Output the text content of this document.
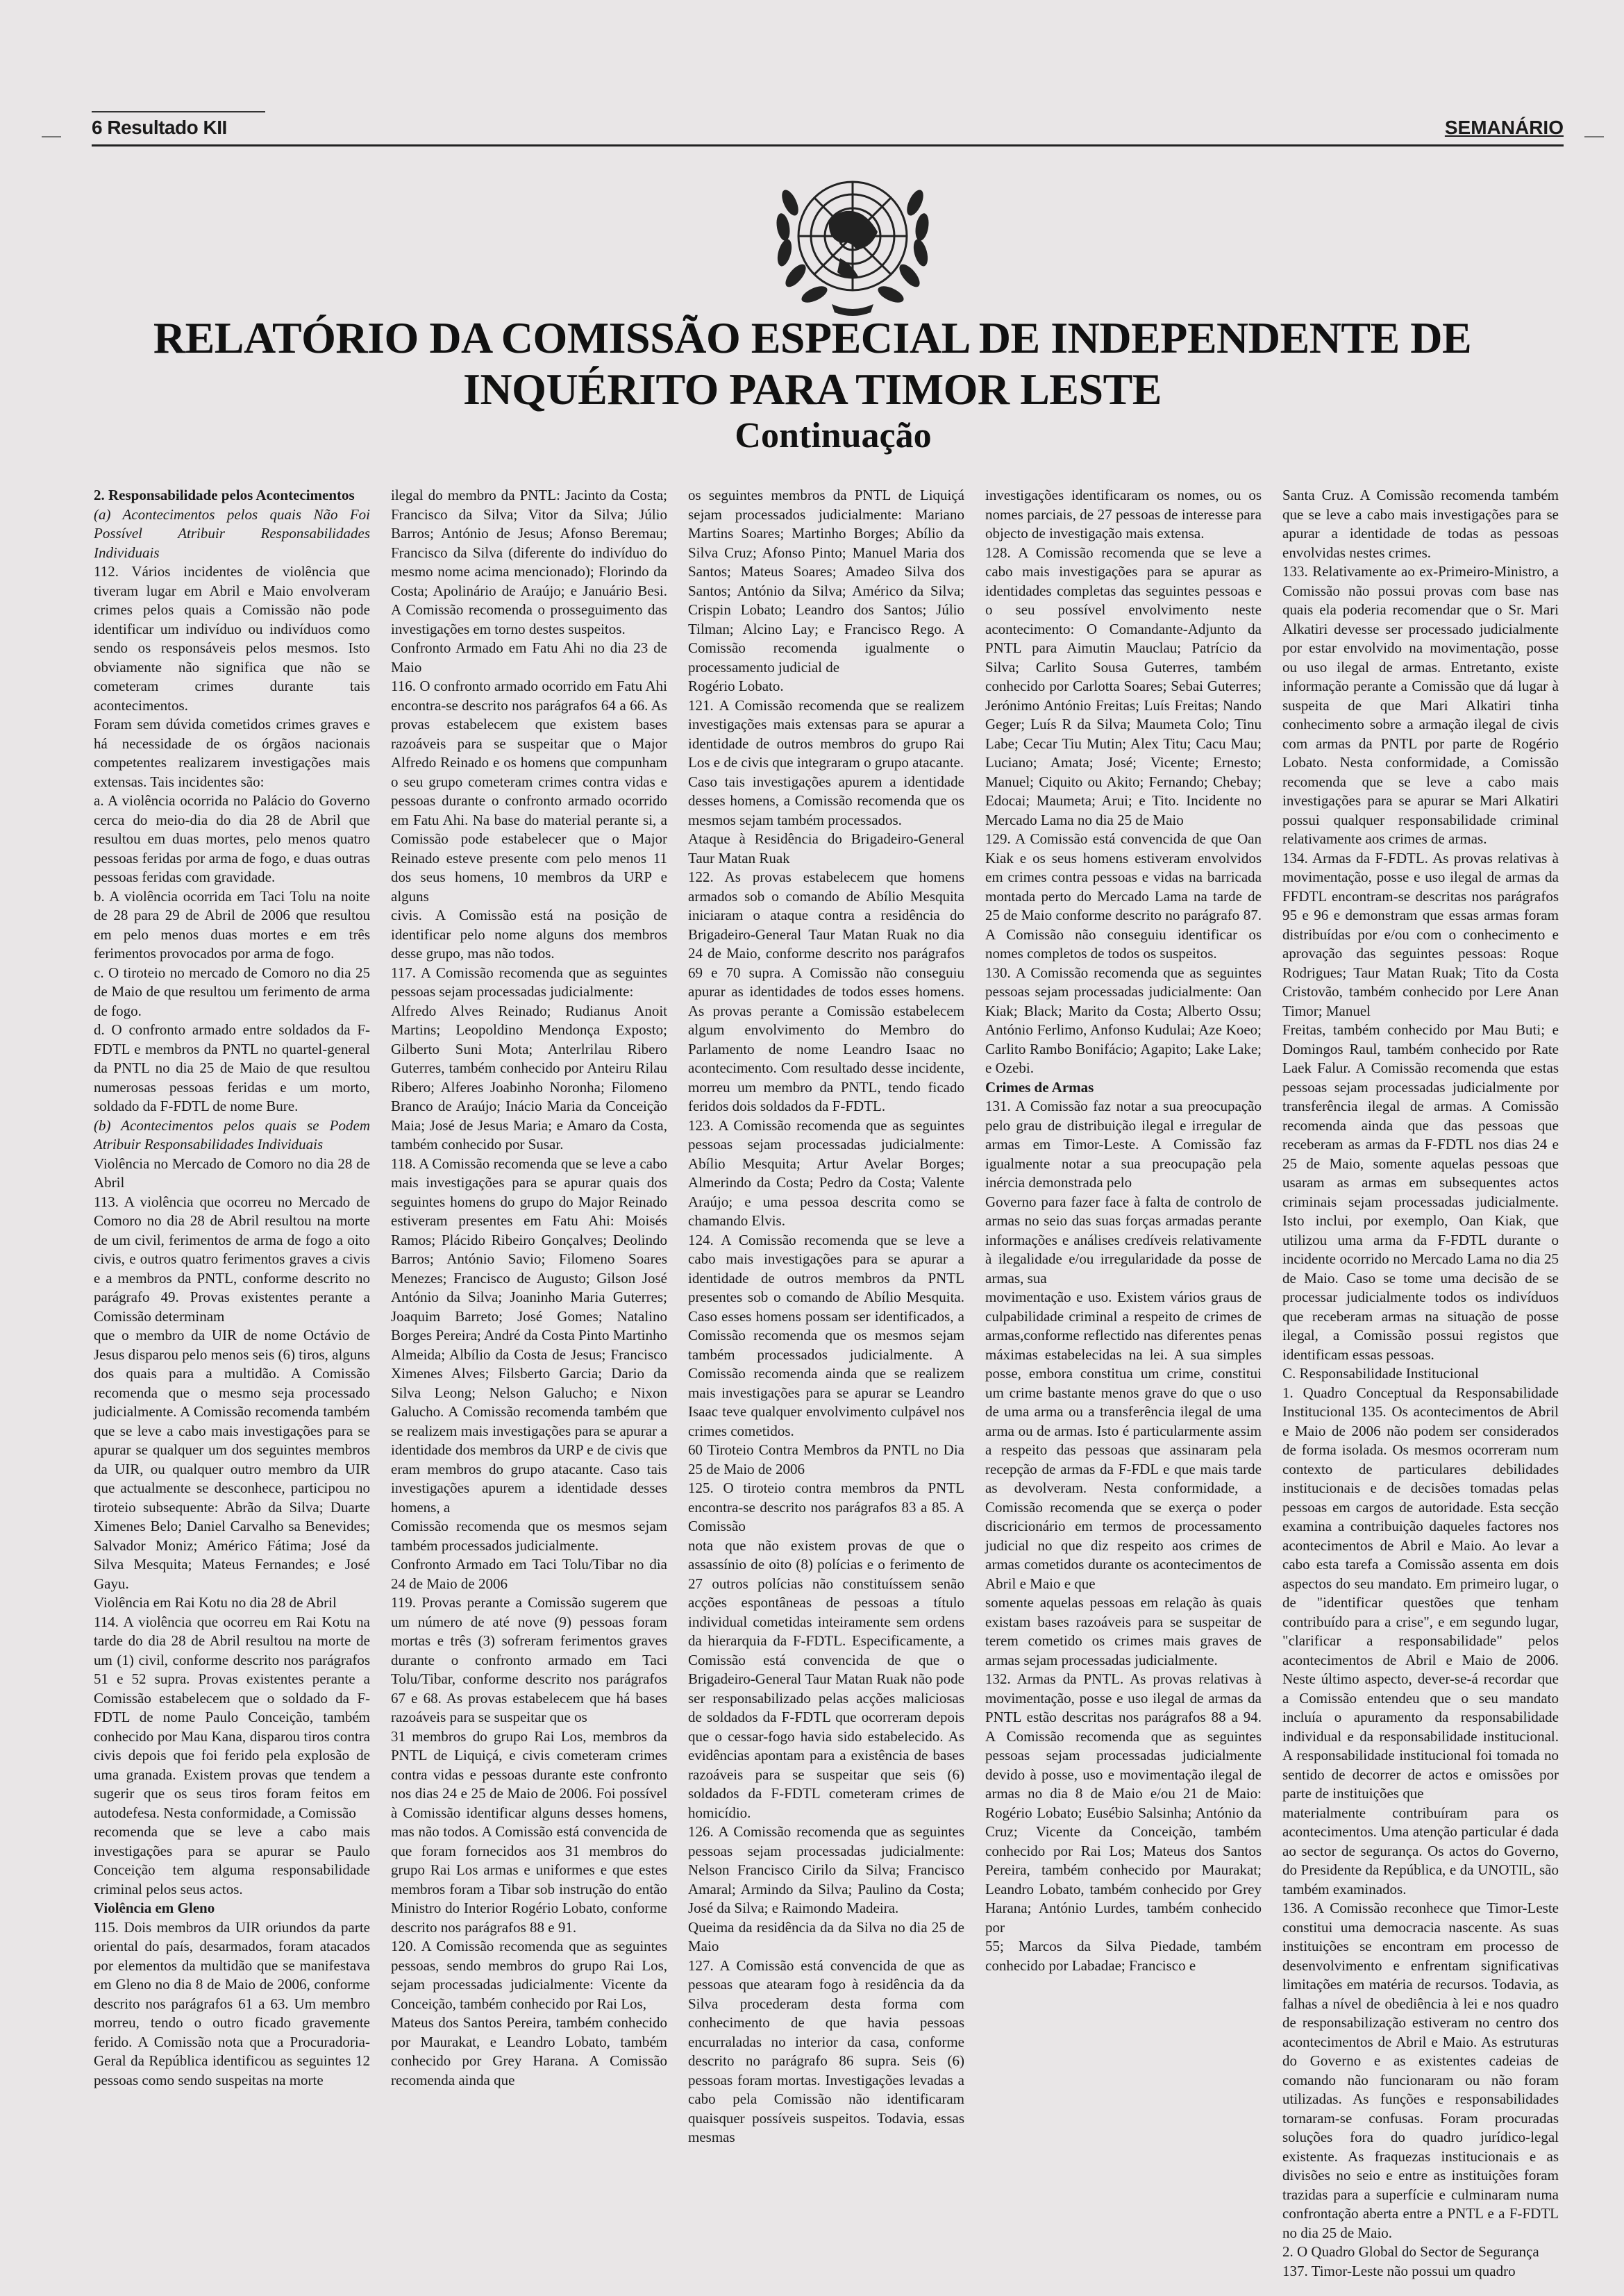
6 Resultado KII	SEMANÁRIO
RELATÓRIO DA COMISSÃO ESPECIAL DE INDEPENDENTE DE
INQUÉRITO PARA TIMOR LESTE
Continuação

2. Responsabilidade pelos Acontecimentos

(a) Acontecimentos pelos quais Não Foi Possível Atribuir Responsabilidades Individuais

112. Vários incidentes de violência que tiveram lugar em Abril e Maio envolveram crimes pelos quais a Comissão não pode identificar um indivíduo ou indivíduos como sendo os responsáveis pelos mesmos. Isto obviamente não significa que não se cometeram crimes durante tais acontecimentos.

Foram sem dúvida cometidos crimes graves e há necessidade de os órgãos nacionais competentes realizarem investigações mais extensas. Tais incidentes são:

a. A violência ocorrida no Palácio do Governo cerca do meio-dia do dia 28 de Abril que resultou em duas mortes, pelo menos quatro pessoas feridas por arma de fogo, e duas outras pessoas feridas com gravidade.

b. A violência ocorrida em Taci Tolu na noite de 28 para 29 de Abril de 2006 que resultou em pelo menos duas mortes e em três ferimentos provocados por arma de fogo.

c. O tiroteio no mercado de Comoro no dia 25 de Maio de que resultou um ferimento de arma de fogo.

d. O confronto armado entre soldados da F-FDTL e membros da PNTL no quartel-general da PNTL no dia 25 de Maio de que resultou numerosas pessoas feridas e um morto, soldado da F-FDTL de nome Bure.

(b) Acontecimentos pelos quais se Podem Atribuir Responsabilidades Individuais

Violência no Mercado de Comoro no dia 28 de Abril

113. A violência que ocorreu no Mercado de Comoro no dia 28 de Abril resultou na morte de um civil, ferimentos de arma de fogo a oito civis, e outros quatro ferimentos graves a civis e a membros da PNTL, conforme descrito no parágrafo 49. Provas existentes perante a Comissão determinam

que o membro da UIR de nome Octávio de Jesus disparou pelo menos seis (6) tiros, alguns dos quais para a multidão. A Comissão recomenda que o mesmo seja processado judicialmente. A Comissão recomenda também que se leve a cabo mais investigações para se apurar se qualquer um dos seguintes membros da UIR, ou qualquer outro membro da UIR que actualmente se desconhece, participou no tiroteio subsequente: Abrão da Silva; Duarte Ximenes Belo; Daniel Carvalho sa Benevides; Salvador Moniz; Américo Fátima; José da Silva Mesquita; Mateus Fernandes; e José Gayu.

Violência em Rai Kotu no dia 28 de Abril

114. A violência que ocorreu em Rai Kotu na tarde do dia 28 de Abril resultou na morte de um (1) civil, conforme descrito nos parágrafos 51 e 52 supra. Provas existentes perante a Comissão estabelecem que o soldado da F-FDTL de nome Paulo Conceição, também conhecido por Mau Kana, disparou tiros contra civis depois que foi ferido pela explosão de uma granada. Existem provas que tendem a sugerir que os seus tiros foram feitos em autodefesa. Nesta conformidade, a Comissão

recomenda que se leve a cabo mais investigações para se apurar se Paulo Conceição tem alguma responsabilidade criminal pelos seus actos.

Violência em Gleno

115. Dois membros da UIR oriundos da parte oriental do país, desarmados, foram atacados por elementos da multidão que se manifestava em Gleno no dia 8 de Maio de 2006, conforme descrito nos parágrafos 61 a 63. Um membro morreu, tendo o outro ficado gravemente ferido. A Comissão nota que a Procuradoria-Geral da República identificou as seguintes 12 pessoas como sendo suspeitas na morte

ilegal do membro da PNTL: Jacinto da Costa; Francisco da Silva; Vitor da Silva; Júlio Barros; António de Jesus; Afonso Beremau; Francisco da Silva (diferente do indivíduo do mesmo nome acima mencionado); Florindo da Costa; Apolinário de Araújo; e Januário Besi. A Comissão recomenda o prosseguimento das investigações em torno destes suspeitos.

Confronto Armado em Fatu Ahi no dia 23 de Maio

116. O confronto armado ocorrido em Fatu Ahi encontra-se descrito nos parágrafos 64 a 66. As provas estabelecem que existem bases razoáveis para se suspeitar que o Major Alfredo Reinado e os homens que compunham o seu grupo cometeram crimes contra vidas e pessoas durante o confronto armado ocorrido em Fatu Ahi. Na base do material perante si, a Comissão pode estabelecer que o Major Reinado esteve presente com pelo menos 11 dos seus homens, 10 membros da URP e alguns

civis. A Comissão está na posição de identificar pelo nome alguns dos membros desse grupo, mas não todos.

117. A Comissão recomenda que as seguintes pessoas sejam processadas judicialmente:

Alfredo Alves Reinado; Rudianus Anoit Martins; Leopoldino Mendonça Exposto; Gilberto Suni Mota; Anterlrilau Ribero Guterres, também conhecido por Anteiru Rilau Ribero; Alferes Joabinho Noronha; Filomeno Branco de Araújo; Inácio Maria da Conceição Maia; José de Jesus Maria; e Amaro da Costa, também conhecido por Susar.

118. A Comissão recomenda que se leve a cabo mais investigações para se apurar quais dos seguintes homens do grupo do Major Reinado estiveram presentes em Fatu Ahi: Moisés Ramos; Plácido Ribeiro Gonçalves; Deolindo Barros; António Savio; Filomeno Soares Menezes; Francisco de Augusto; Gilson José António da Silva; Joaninho Maria Guterres; Joaquim Barreto; José Gomes; Natalino Borges Pereira; André da Costa Pinto Martinho Almeida; Albílio da Costa de Jesus; Francisco Ximenes Alves; Filsberto Garcia; Dario da Silva Leong; Nelson Galucho; e Nixon Galucho. A Comissão recomenda também que se realizem mais investigações para se apurar a identidade dos membros da URP e de civis que eram membros do grupo atacante. Caso tais investigações apurem a identidade desses homens, a

Comissão recomenda que os mesmos sejam também processados judicialmente.

Confronto Armado em Taci Tolu/Tibar no dia 24 de Maio de 2006

119. Provas perante a Comissão sugerem que um número de até nove (9) pessoas foram mortas e três (3) sofreram ferimentos graves durante o confronto armado em Taci Tolu/Tibar, conforme descrito nos parágrafos 67 e 68. As provas estabelecem que há bases razoáveis para se suspeitar que os

31 membros do grupo Rai Los, membros da PNTL de Liquiçá, e civis cometeram crimes contra vidas e pessoas durante este confronto nos dias 24 e 25 de Maio de 2006. Foi possível à Comissão identificar alguns desses homens, mas não todos. A Comissão está convencida de que foram fornecidos aos 31 membros do grupo Rai Los armas e uniformes e que estes membros foram a Tibar sob instrução do então Ministro do Interior Rogério Lobato, conforme descrito nos parágrafos 88 e 91.

120. A Comissão recomenda que as seguintes pessoas, sendo membros do grupo Rai Los, sejam processadas judicialmente: Vicente da Conceição, também conhecido por Rai Los,

Mateus dos Santos Pereira, também conhecido por Maurakat, e Leandro Lobato, também conhecido por Grey Harana. A Comissão recomenda ainda que

os seguintes membros da PNTL de Liquiçá sejam processados judicialmente: Mariano Martins Soares; Martinho Borges; Abílio da Silva Cruz; Afonso Pinto; Manuel Maria dos Santos; Mateus Soares; Amadeo Silva dos Santos; António da Silva; Américo da Silva; Crispin Lobato; Leandro dos Santos; Júlio Tilman; Alcino Lay; e Francisco Rego. A Comissão recomenda igualmente o processamento judicial de

Rogério Lobato.

121. A Comissão recomenda que se realizem investigações mais extensas para se apurar a identidade de outros membros do grupo Rai Los e de civis que integraram o grupo atacante.

Caso tais investigações apurem a identidade desses homens, a Comissão recomenda que os mesmos sejam também processados.

Ataque à Residência do Brigadeiro-General Taur Matan Ruak

122. As provas estabelecem que homens armados sob o comando de Abílio Mesquita iniciaram o ataque contra a residência do Brigadeiro-General Taur Matan Ruak no dia 24 de Maio, conforme descrito nos parágrafos 69 e 70 supra. A Comissão não conseguiu apurar as identidades de todos esses homens. As provas perante a Comissão estabelecem algum envolvimento do Membro do Parlamento de nome Leandro Isaac no acontecimento. Com resultado desse incidente, morreu um membro da PNTL, tendo ficado feridos dois soldados da F-FDTL.

123. A Comissão recomenda que as seguintes pessoas sejam processadas judicialmente: Abílio Mesquita; Artur Avelar Borges; Almerindo da Costa; Pedro da Costa; Valente Araújo; e uma pessoa descrita como se chamando Elvis.

124. A Comissão recomenda que se leve a cabo mais investigações para se apurar a identidade de outros membros da PNTL presentes sob o comando de Abílio Mesquita. Caso esses homens possam ser identificados, a Comissão recomenda que os mesmos sejam também processados judicialmente. A Comissão recomenda ainda que se realizem mais investigações para se apurar se Leandro Isaac teve qualquer envolvimento culpável nos crimes cometidos.

60 Tiroteio Contra Membros da PNTL no Dia 25 de Maio de 2006

125. O tiroteio contra membros da PNTL encontra-se descrito nos parágrafos 83 a 85. A Comissão

nota que não existem provas de que o assassínio de oito (8) polícias e o ferimento de 27 outros polícias não constituíssem senão acções espontâneas de pessoas a título individual cometidas inteiramente sem ordens da hierarquia da F-FDTL. Especificamente, a Comissão está convencida de que o Brigadeiro-General Taur Matan Ruak não pode ser responsabilizado pelas acções maliciosas de soldados da F-FDTL que ocorreram depois que o cessar-fogo havia sido estabelecido. As evidências apontam para a existência de bases razoáveis para se suspeitar que seis (6) soldados da F-FDTL cometeram crimes de homicídio.

126. A Comissão recomenda que as seguintes pessoas sejam processadas judicialmente: Nelson Francisco Cirilo da Silva; Francisco Amaral; Armindo da Silva; Paulino da Costa; José da Silva; e Raimondo Madeira.

Queima da residência da da Silva no dia 25 de Maio

127. A Comissão está convencida de que as pessoas que atearam fogo à residência da da Silva procederam desta forma com conhecimento de que havia pessoas encurraladas no interior da casa, conforme descrito no parágrafo 86 supra. Seis (6) pessoas foram mortas. Investigações levadas a cabo pela Comissão não identificaram quaisquer possíveis suspeitos. Todavia, essas mesmas

investigações identificaram os nomes, ou os nomes parciais, de 27 pessoas de interesse para objecto de investigação mais extensa.

128. A Comissão recomenda que se leve a cabo mais investigações para se apurar as identidades completas das seguintes pessoas e o seu possível envolvimento neste acontecimento: O Comandante-Adjunto da PNTL para Aimutin Mauclau; Patrício da Silva; Carlito Sousa Guterres, também conhecido por Carlotta Soares; Sebai Guterres; Jerónimo António Freitas; Luís Freitas; Nando Geger; Luís R da Silva; Maumeta Colo; Tinu Labe; Cecar Tiu Mutin; Alex Titu; Cacu Mau; Luciano; Amata; José; Vicente; Ernesto; Manuel; Ciquito ou Akito; Fernando; Chebay; Edocai; Maumeta; Arui; e Tito. Incidente no Mercado Lama no dia 25 de Maio

129. A Comissão está convencida de que Oan Kiak e os seus homens estiveram envolvidos em crimes contra pessoas e vidas na barricada montada perto do Mercado Lama na tarde de 25 de Maio conforme descrito no parágrafo 87. A Comissão não conseguiu identificar os nomes completos de todos os suspeitos.

130. A Comissão recomenda que as seguintes pessoas sejam processadas judicialmente: Oan Kiak; Black; Marito da Costa; Alberto Ossu; António Ferlimo, Anfonso Kudulai; Aze Koeo; Carlito Rambo Bonifácio; Agapito; Lake Lake; e Ozebi.

Crimes de Armas

131. A Comissão faz notar a sua preocupação pelo grau de distribuição ilegal e irregular de armas em Timor-Leste. A Comissão faz igualmente notar a sua preocupação pela inércia demonstrada pelo

Governo para fazer face à falta de controlo de armas no seio das suas forças armadas perante informações e análises credíveis relativamente à ilegalidade e/ou irregularidade da posse de armas, sua

movimentação e uso. Existem vários graus de culpabilidade criminal a respeito de crimes de armas,conforme reflectido nas diferentes penas máximas estabelecidas na lei. A sua simples posse, embora constitua um crime, constitui um crime bastante menos grave do que o uso de uma arma ou a transferência ilegal de uma arma ou de armas. Isto é particularmente assim a respeito das pessoas que assinaram pela recepção de armas da F-FDL e que mais tarde as devolveram. Nesta conformidade, a Comissão recomenda que se exerça o poder discricionário em termos de processamento judicial no que diz respeito aos crimes de armas cometidos durante os acontecimentos de Abril e Maio e que

somente aquelas pessoas em relação às quais existam bases razoáveis para se suspeitar de terem cometido os crimes mais graves de armas sejam processadas judicialmente.

132. Armas da PNTL. As provas relativas à movimentação, posse e uso ilegal de armas da PNTL estão descritas nos parágrafos 88 a 94. A Comissão recomenda que as seguintes pessoas sejam processadas judicialmente devido à posse, uso e movimentação ilegal de armas no dia 8 de Maio e/ou 21 de Maio: Rogério Lobato; Eusébio Salsinha; António da Cruz; Vicente da Conceição, também conhecido por Rai Los; Mateus dos Santos Pereira, também conhecido por Maurakat; Leandro Lobato, também conhecido por Grey Harana; António Lurdes, também conhecido por

55; Marcos da Silva Piedade, também conhecido por Labadae; Francisco e

Santa Cruz. A Comissão recomenda também que se leve a cabo mais investigações para se apurar a identidade de todas as pessoas envolvidas nestes crimes.

133. Relativamente ao ex-Primeiro-Ministro, a Comissão não possui provas com base nas quais ela poderia recomendar que o Sr. Mari Alkatiri devesse ser processado judicialmente por estar envolvido na movimentação, posse ou uso ilegal de armas. Entretanto, existe informação perante a Comissão que dá lugar à suspeita de que Mari Alkatiri tinha conhecimento sobre a armação ilegal de civis com armas da PNTL por parte de Rogério Lobato. Nesta conformidade, a Comissão recomenda que se leve a cabo mais investigações para se apurar se Mari Alkatiri possui qualquer responsabilidade criminal relativamente aos crimes de armas.

134. Armas da F-FDTL. As provas relativas à movimentação, posse e uso ilegal de armas da FFDTL encontram-se descritas nos parágrafos 95 e 96 e demonstram que essas armas foram distribuídas por e/ou com o conhecimento e aprovação das seguintes pessoas: Roque Rodrigues; Taur Matan Ruak; Tito da Costa Cristovão, também conhecido por Lere Anan Timor; Manuel

Freitas, também conhecido por Mau Buti; e Domingos Raul, também conhecido por Rate Laek Falur. A Comissão recomenda que estas pessoas sejam processadas judicialmente por transferência ilegal de armas. A Comissão recomenda ainda que das pessoas que receberam as armas da F-FDTL nos dias 24 e 25 de Maio, somente aquelas pessoas que usaram as armas em subsequentes actos criminais sejam processadas judicialmente. Isto inclui, por exemplo, Oan Kiak, que utilizou uma arma da F-FDTL durante o incidente ocorrido no Mercado Lama no dia 25 de Maio. Caso se tome uma decisão de se processar judicialmente todos os indivíduos que receberam armas na situação de posse ilegal, a Comissão possui registos que identificam essas pessoas.

C. Responsabilidade Institucional

1. Quadro Conceptual da Responsabilidade Institucional 135. Os acontecimentos de Abril e Maio de 2006 não podem ser considerados de forma isolada. Os mesmos ocorreram num contexto de particulares debilidades institucionais e de decisões tomadas pelas pessoas em cargos de autoridade. Esta secção examina a contribuição daqueles factores nos acontecimentos de Abril e Maio. Ao levar a cabo esta tarefa a Comissão assenta em dois aspectos do seu mandato. Em primeiro lugar, o de "identificar questões que tenham contribuído para a crise", e em segundo lugar, "clarificar a responsabilidade" pelos acontecimentos de Abril e Maio de 2006. Neste último aspecto, dever-se-á recordar que a Comissão entendeu que o seu mandato incluía o apuramento da responsabilidade individual e da responsabilidade institucional. A responsabilidade institucional foi tomada no sentido de decorrer de actos e omissões por parte de instituições que

materialmente contribuíram para os acontecimentos. Uma atenção particular é dada ao sector de segurança. Os actos do Governo, do Presidente da República, e da UNOTIL, são também examinados.

136. A Comissão reconhece que Timor-Leste constitui uma democracia nascente. As suas instituições se encontram em processo de desenvolvimento e enfrentam significativas limitações em matéria de recursos. Todavia, as falhas a nível de obediência à lei e nos quadro de responsabilização estiveram no centro dos acontecimentos de Abril e Maio. As estruturas do Governo e as existentes cadeias de comando não funcionaram ou não foram utilizadas. As funções e responsabilidades tornaram-se confusas. Foram procuradas soluções fora do quadro jurídico-legal existente. As fraquezas institucionais e as divisões no seio e entre as instituições foram trazidas para a superfície e culminaram numa confrontação aberta entre a PNTL e a F-FDTL no dia 25 de Maio.

2. O Quadro Global do Sector de Segurança

137. Timor-Leste não possui um quadro
